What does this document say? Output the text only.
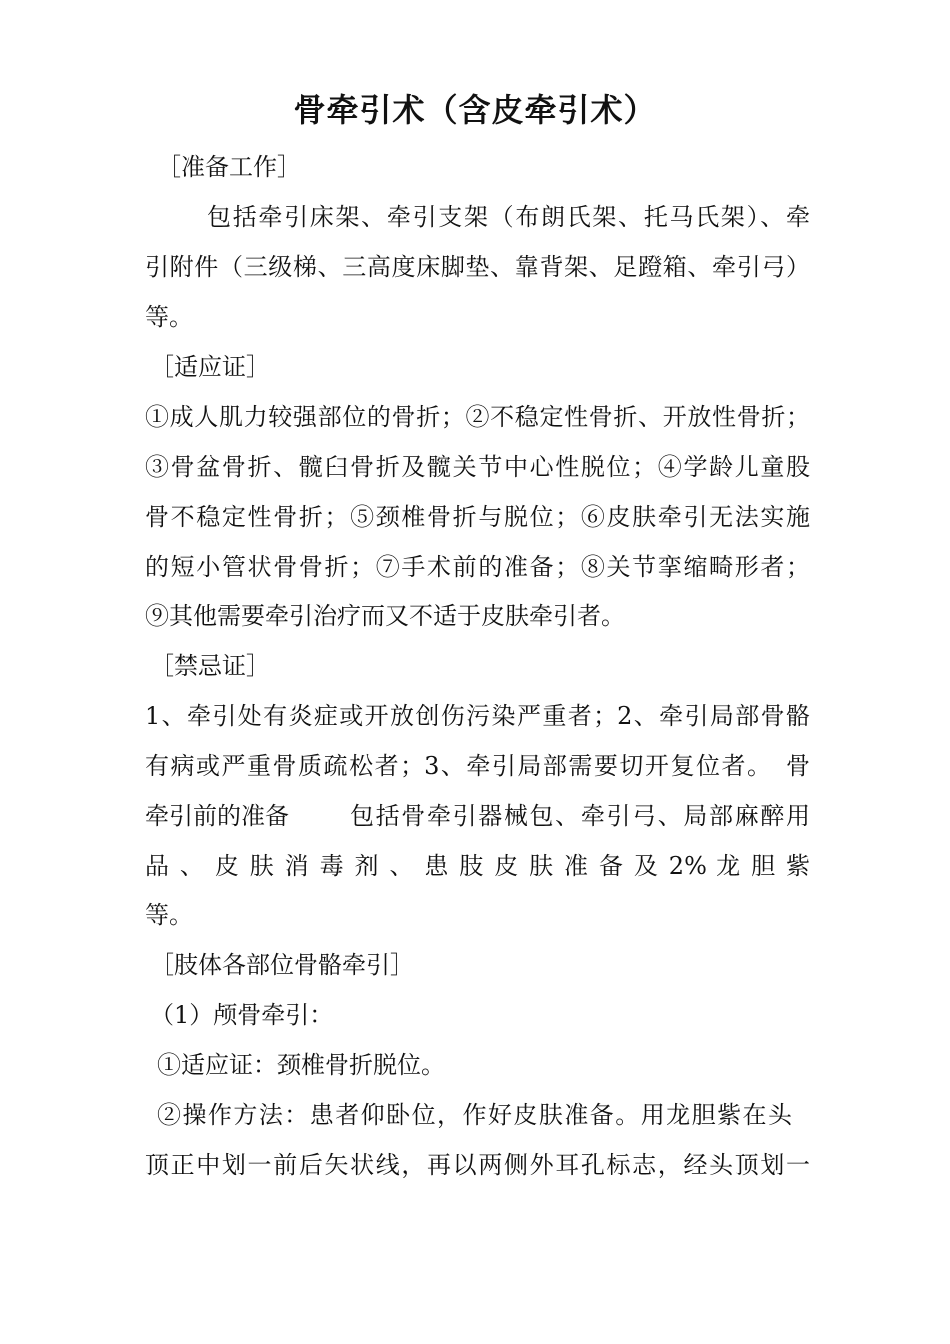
骨牵引术（含皮牵引术）
［准备工作］
包括牵引床架、牵引支架（布朗氏架、托马氏架）、牵
引附件（三级梯、三高度床脚垫、靠背架、足蹬箱、牵引弓）
等。
［适应证］
①成人肌力较强部位的骨折；②不稳定性骨折、开放性骨折；
③骨盆骨折、髋臼骨折及髋关节中心性脱位；④学龄儿童股
骨不稳定性骨折；⑤颈椎骨折与脱位；⑥皮肤牵引无法实施
的短小管状骨骨折；⑦手术前的准备；⑧关节挛缩畸形者；
⑨其他需要牵引治疗而又不适于皮肤牵引者。
［禁忌证］
1、牵引处有炎症或开放创伤污染严重者；2、牵引局部骨骼
有病或严重骨质疏松者；3、牵引局部需要切开复位者。　骨
牵引前的准备	包括骨牵引器械包、牵引弓、局部麻醉用
品 、 皮 肤 消 毒 剂 、 患 肢 皮 肤 准 备 及 2% 龙 胆 紫
等。
［肢体各部位骨骼牵引］
（1）颅骨牵引：
①适应证：颈椎骨折脱位。
②操作方法：患者仰卧位，作好皮肤准备。用龙胆紫在头
顶正中划一前后矢状线，再以两侧外耳孔标志，经头顶划一
